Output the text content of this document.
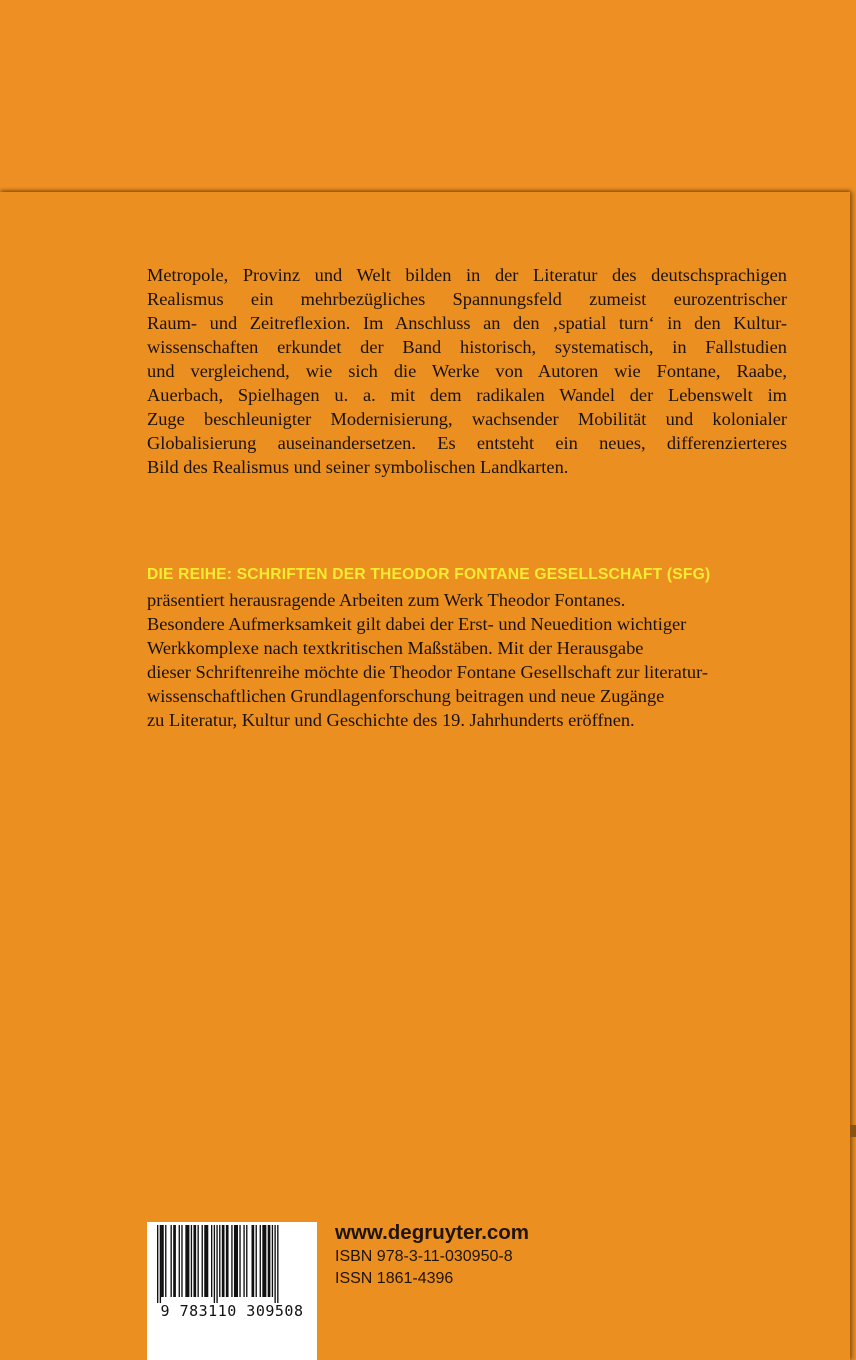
Metropole, Provinz und Welt bilden in der Literatur des deutschsprachigen
Realismus ein mehrbezügliches Spannungsfeld zumeist eurozentrischer
Raum- und Zeitreflexion. Im Anschluss an den ‚spatial turn‘ in den Kultur-
wissenschaften erkundet der Band historisch, systematisch, in Fallstudien
und vergleichend, wie sich die Werke von Autoren wie Fontane, Raabe,
Auerbach, Spielhagen u. a. mit dem radikalen Wandel der Lebenswelt im
Zuge beschleunigter Modernisierung, wachsender Mobilität und kolonialer
Globalisierung auseinandersetzen. Es entsteht ein neues, differenzierteres
Bild des Realismus und seiner symbolischen Landkarten.
DIE REIHE: SCHRIFTEN DER THEODOR FONTANE GESELLSCHAFT (SFG)
präsentiert herausragende Arbeiten zum Werk Theodor Fontanes.
Besondere Aufmerksamkeit gilt dabei der Erst- und Neuedition wichtiger
Werkkomplexe nach textkritischen Maßstäben. Mit der Herausgabe
dieser Schriftenreihe möchte die Theodor Fontane Gesellschaft zur literatur-
wissenschaftlichen Grundlagenforschung beitragen und neue Zugänge
zu Literatur, Kultur und Geschichte des 19. Jahrhunderts eröffnen.
9 783110 309508
www.degruyter.com
ISBN 978-3-11-030950-8
ISSN 1861-4396
